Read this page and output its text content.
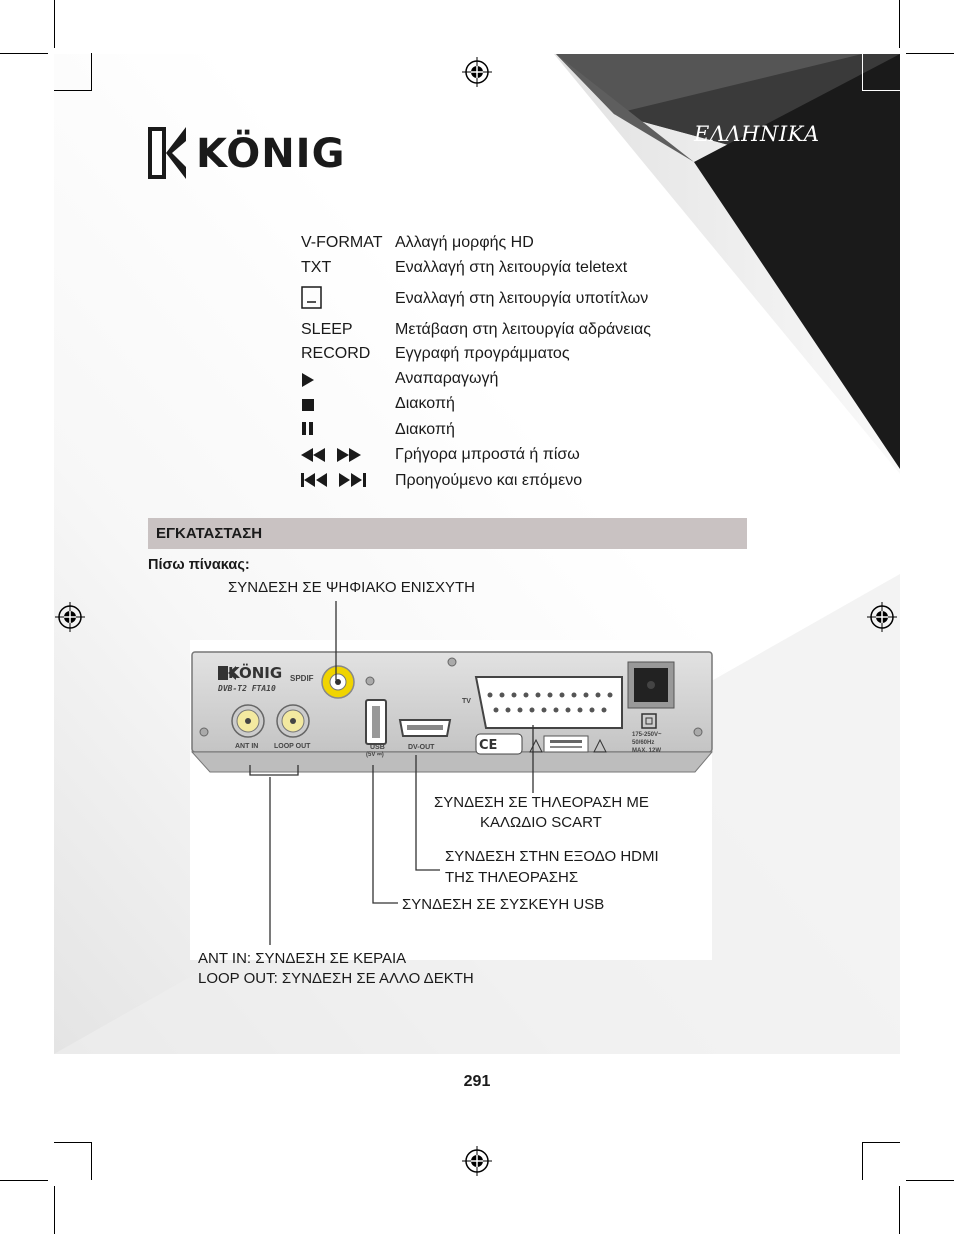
ΕΛΛΗΝΙΚΑ
KÖNIG
V-FORMAT Αλλαγή μορφής HD
TXT	Εναλλαγή στη λειτουργία teletext
Εναλλαγή στη λειτουργία υποτίτλων
SLEEP	Μετάβαση στη λειτουργία αδράνειας
RECORD Εγγραφή προγράμματος
Αναπαραγωγή
Διακοπή
Διακοπή
Γρήγορα μπροστά ή πίσω
Προηγούμενο και επόμενο
ΕΓΚΑΤΑΣΤΑΣΗ
Πίσω πίνακας:
CE
KÖNIG
DVB-T2 FTA10
SPDIF
ANT IN LOOP OUT	USB
(5V ⎓)
DV-OUT
TV
175-250V~
50/60Hz
MAX. 12W
ΣΥΝΔΕΣΗ ΣΕ ΨΗΦΙΑΚΟ ΕΝΙΣΧΥΤΗ
ΣΥΝΔΕΣΗ ΣΕ ΤΗΛΕΟΡΑΣΗ ΜΕ
ΚΑΛΩΔΙΟ SCART
ΣΥΝΔΕΣΗ ΣΤΗΝ ΕΞΟΔΟ HDMI
ΤΗΣ ΤΗΛΕΟΡΑΣΗΣ
ΣΥΝΔΕΣΗ ΣΕ ΣΥΣΚΕΥΗ USB
ANT IN: ΣΥΝΔΕΣΗ ΣΕ ΚΕΡΑΙΑ
LOOP OUT: ΣΥΝΔΕΣΗ ΣΕ ΑΛΛΟ ΔΕΚΤΗ
291
